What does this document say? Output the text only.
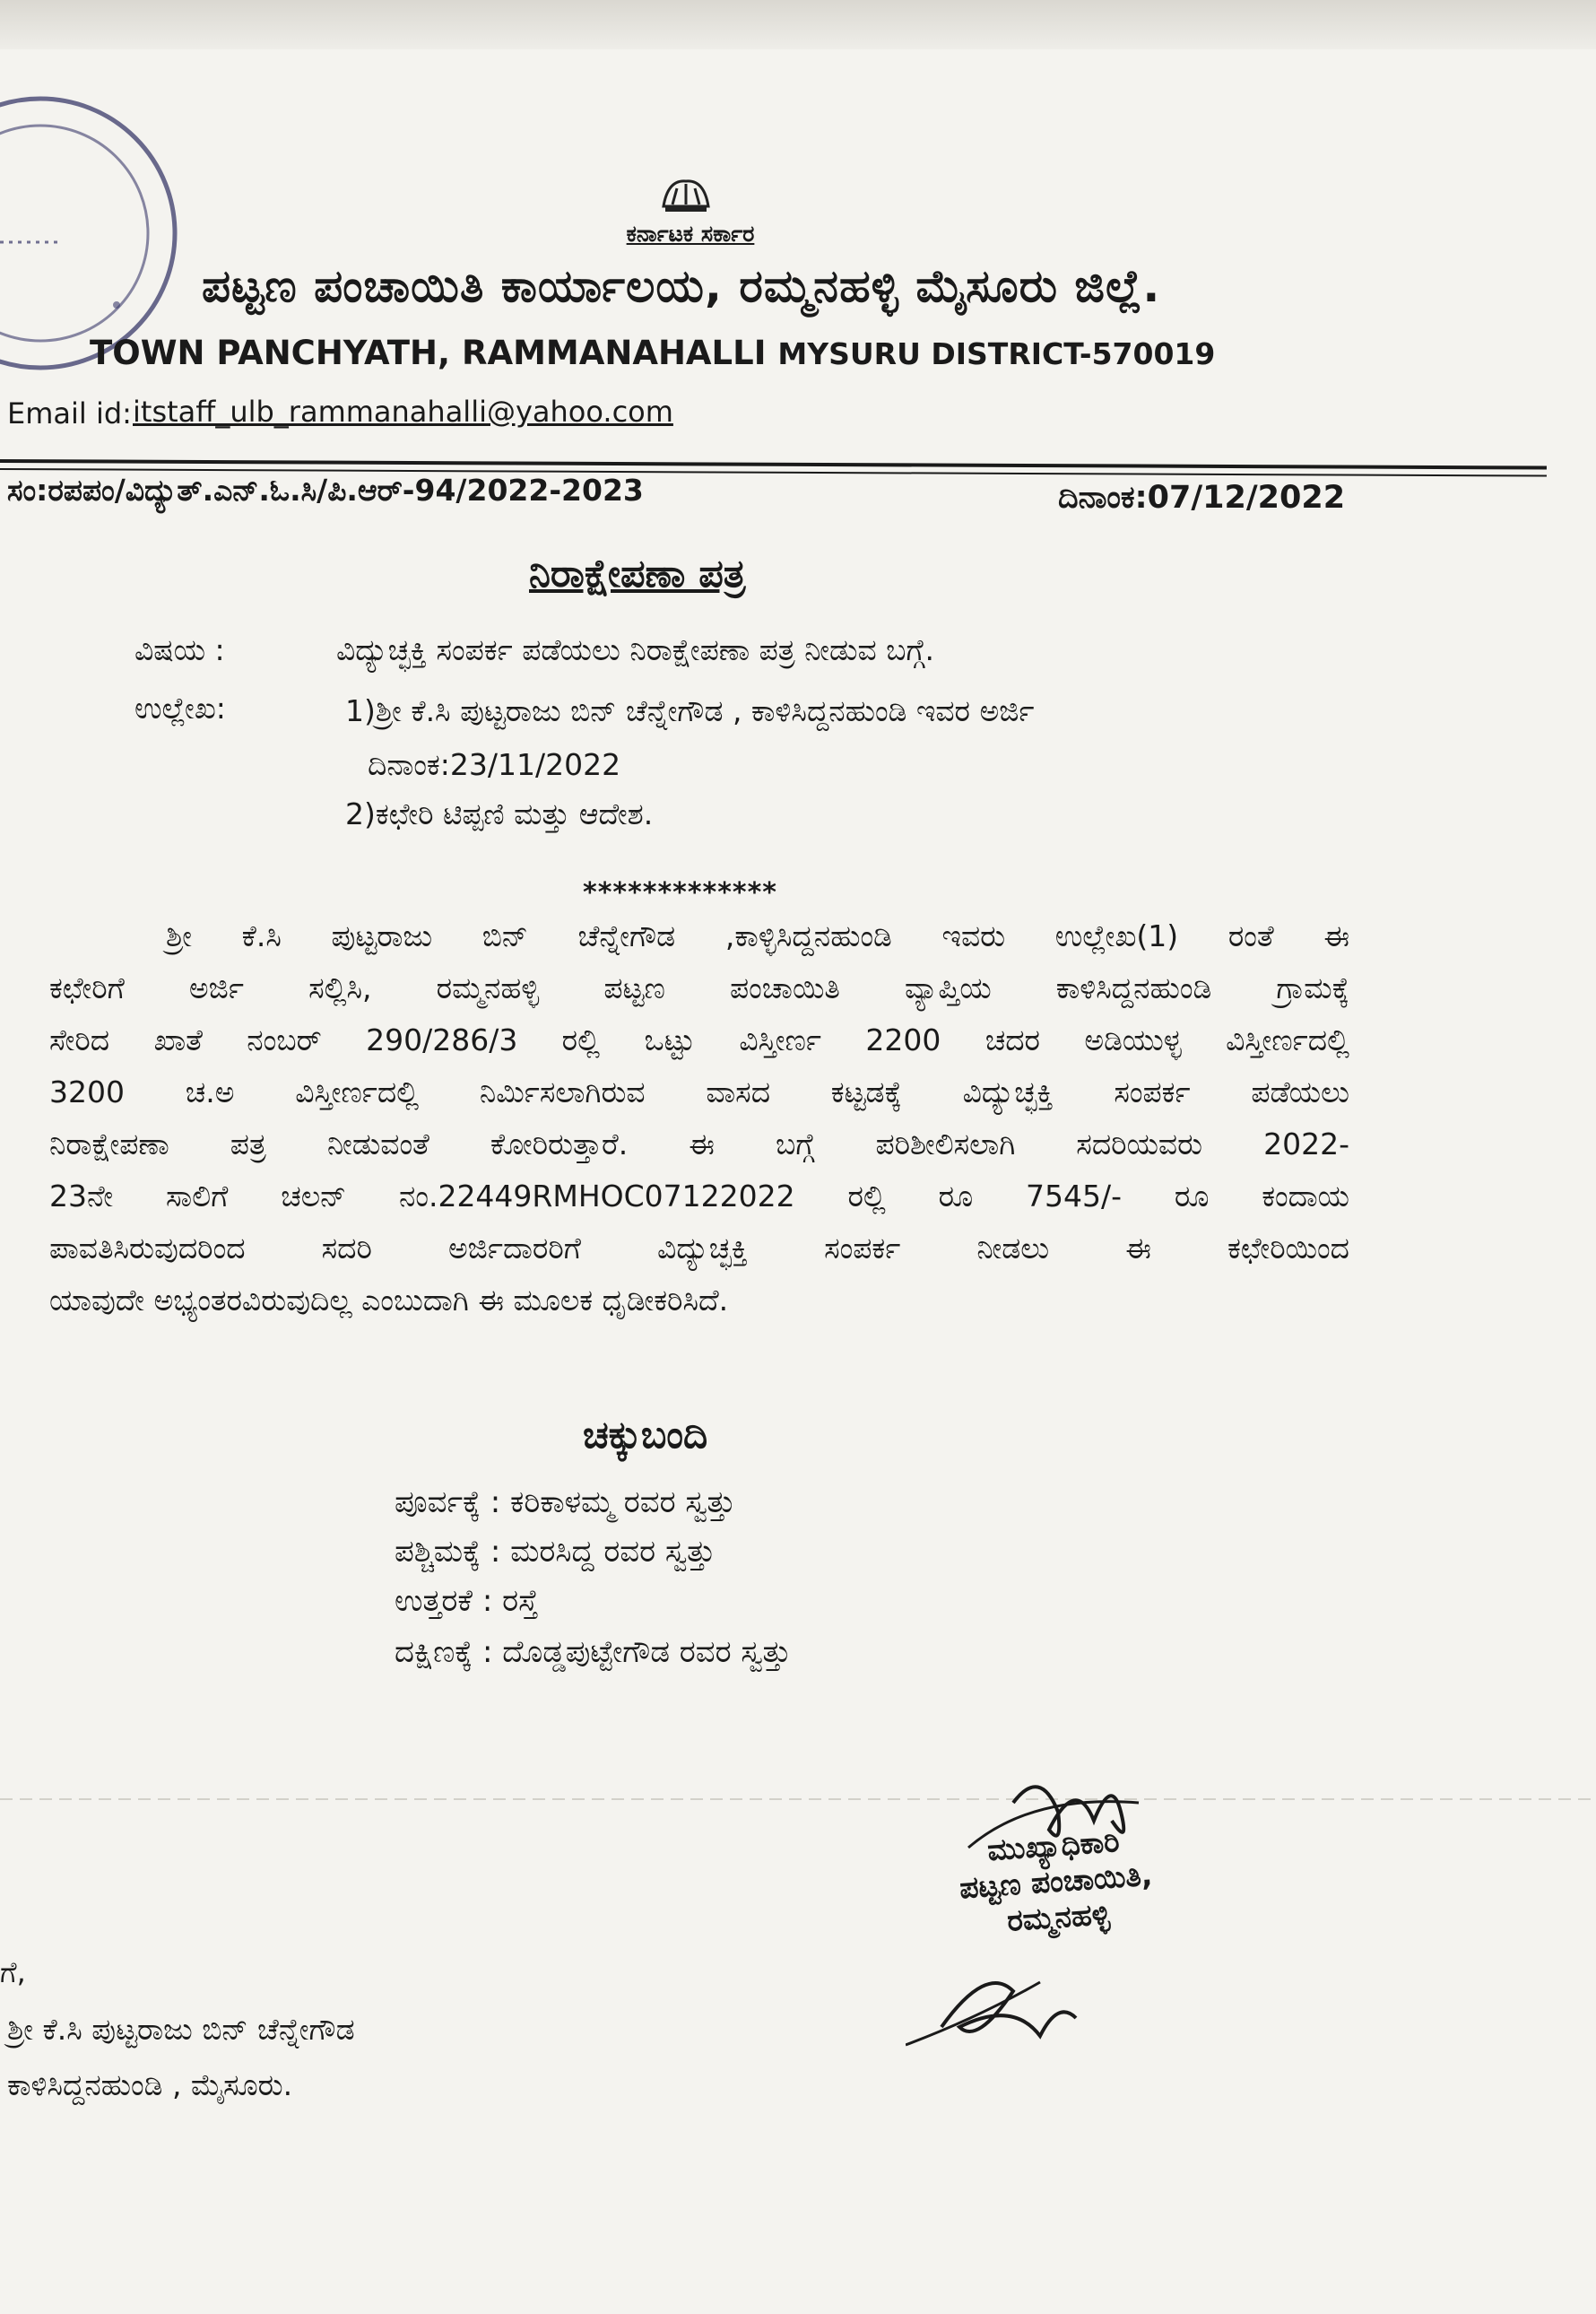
ಕರ್ನಾಟಕ ಸರ್ಕಾರ
ಪಟ್ಟಣ ಪಂಚಾಯಿತಿ ಕಾರ್ಯಾಲಯ, ರಮ್ಮನಹಳ್ಳಿ ಮೈಸೂರು ಜಿಲ್ಲೆ.
TOWN PANCHYATH, RAMMANAHALLI MYSURU DISTRICT-570019
Email id: itstaff_ulb_rammanahalli@yahoo.com
ಸಂ:ರಪಪಂ/ವಿದ್ಯುತ್.ಎನ್.ಓ.ಸಿ/ಪಿ.ಆರ್-94/2022-2023	ದಿನಾಂಕ:07/12/2022
ನಿರಾಕ್ಷೇಪಣಾ ಪತ್ರ
ವಿಷಯ :	ವಿದ್ಯುಚ್ಛಕ್ತಿ ಸಂಪರ್ಕ ಪಡೆಯಲು ನಿರಾಕ್ಷೇಪಣಾ ಪತ್ರ ನೀಡುವ ಬಗ್ಗೆ.
ಉಲ್ಲೇಖ:	1)ಶ್ರೀ ಕೆ.ಸಿ ಪುಟ್ಟರಾಜು ಬಿನ್ ಚೆನ್ನೇಗೌಡ , ಕಾಳಿಸಿದ್ದನಹುಂಡಿ ಇವರ ಅರ್ಜಿ
ದಿನಾಂಕ:23/11/2022
2)ಕಛೇರಿ ಟಿಪ್ಪಣಿ ಮತ್ತು ಆದೇಶ.
*************
ಶ್ರೀ ಕೆ.ಸಿ ಪುಟ್ಟರಾಜು ಬಿನ್ ಚೆನ್ನೇಗೌಡ ,ಕಾಳ್ಳಿಸಿದ್ದನಹುಂಡಿ ಇವರು ಉಲ್ಲೇಖ(1) ರಂತೆ ಈ
ಕಛೇರಿಗೆ ಅರ್ಜಿ ಸಲ್ಲಿಸಿ, ರಮ್ಮನಹಳ್ಳಿ ಪಟ್ಟಣ ಪಂಚಾಯಿತಿ ವ್ಯಾಪ್ತಿಯ ಕಾಳಿಸಿದ್ದನಹುಂಡಿ ಗ್ರಾಮಕ್ಕೆ
ಸೇರಿದ ಖಾತೆ ನಂಬರ್ 290/286/3 ರಲ್ಲಿ ಒಟ್ಟು ವಿಸ್ತೀರ್ಣ 2200 ಚದರ ಅಡಿಯುಳ್ಳ ವಿಸ್ತೀರ್ಣದಲ್ಲಿ
3200 ಚ.ಅ ವಿಸ್ತೀರ್ಣದಲ್ಲಿ ನಿರ್ಮಿಸಲಾಗಿರುವ ವಾಸದ ಕಟ್ಟಡಕ್ಕೆ ವಿದ್ಯುಚ್ಛಕ್ತಿ ಸಂಪರ್ಕ ಪಡೆಯಲು
ನಿರಾಕ್ಷೇಪಣಾ ಪತ್ರ ನೀಡುವಂತೆ ಕೋರಿರುತ್ತಾರೆ. ಈ ಬಗ್ಗೆ ಪರಿಶೀಲಿಸಲಾಗಿ ಸದರಿಯವರು 2022-
23ನೇ ಸಾಲಿಗೆ ಚಲನ್ ನಂ.22449RMHOC07122022 ರಲ್ಲಿ ರೂ 7545/- ರೂ ಕಂದಾಯ
ಪಾವತಿಸಿರುವುದರಿಂದ ಸದರಿ ಅರ್ಜಿದಾರರಿಗೆ ವಿದ್ಯುಚ್ಛಕ್ತಿ ಸಂಪರ್ಕ ನೀಡಲು ಈ ಕಛೇರಿಯಿಂದ
ಯಾವುದೇ ಅಭ್ಯಂತರವಿರುವುದಿಲ್ಲ ಎಂಬುದಾಗಿ ಈ ಮೂಲಕ ಧೃಡೀಕರಿಸಿದೆ.
ಚಕ್ಕುಬಂದಿ
ಪೂರ್ವಕ್ಕೆ : ಕರಿಕಾಳಮ್ಮ ರವರ ಸ್ವತ್ತು
ಪಶ್ಚಿಮಕ್ಕೆ : ಮರಸಿದ್ದ ರವರ ಸ್ವತ್ತು
ಉತ್ತರಕೆ : ರಸ್ತೆ
ದಕ್ಷಿಣಕ್ಕೆ : ದೊಡ್ಡಪುಟ್ಟೇಗೌಡ ರವರ ಸ್ವತ್ತು
ಮುಖ್ಯಾಧಿಕಾರಿ
ಪಟ್ಟಣ ಪಂಚಾಯಿತಿ,
ರಮ್ಮನಹಳ್ಳಿ
ಗೆ,
ಶ್ರೀ ಕೆ.ಸಿ ಪುಟ್ಟರಾಜು ಬಿನ್ ಚೆನ್ನೇಗೌಡ
ಕಾಳಿಸಿದ್ದನಹುಂಡಿ , ಮೈಸೂರು.
